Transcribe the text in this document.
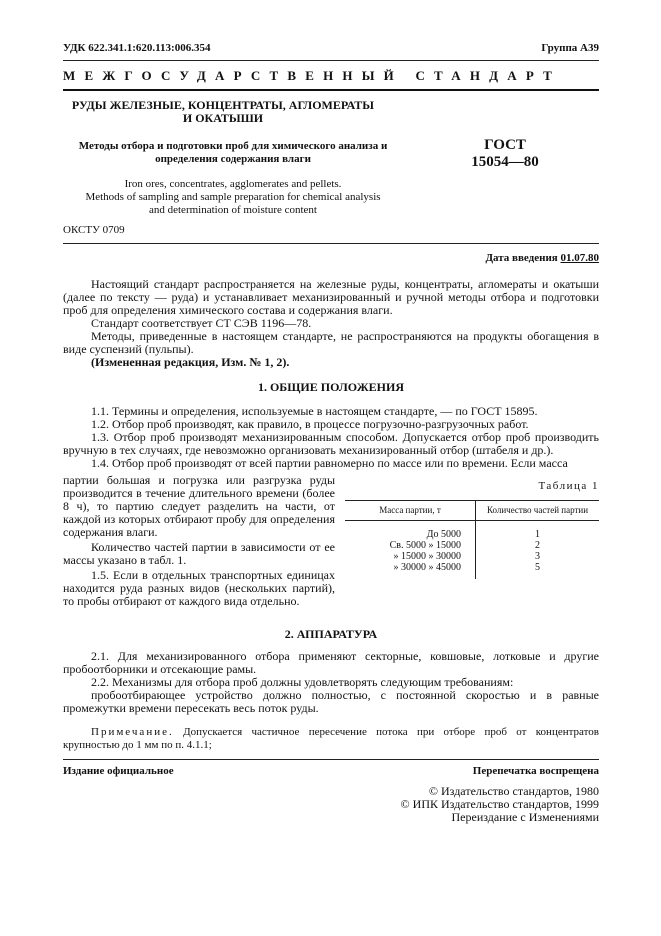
УДК 622.341.1:620.113:006.354	Группа А39
МЕЖГОСУДАРСТВЕННЫЙ СТАНДАРТ
РУДЫ ЖЕЛЕЗНЫЕ, КОНЦЕНТРАТЫ, АГЛОМЕРАТЫ
И ОКАТЫШИ
Методы отбора и подготовки проб для химического анализа и
определения содержания влаги
ГОСТ
15054—80
Iron ores, concentrates, agglomerates and pellets.
Methods of sampling and sample preparation for chemical analysis
and determination of moisture content
ОКСТУ 0709
Дата введения 01.07.80

Настоящий стандарт распространяется на железные руды, концентраты, агломераты и окатыши (далее по тексту — руда) и устанавливает механизированный и ручной методы отбора и подготовки проб для определения химического состава и содержания влаги.

Стандарт соответствует СТ СЭВ 1196—78.

Методы, приведенные в настоящем стандарте, не распространяются на продукты обогащения в виде суспензий (пульпы).

(Измененная редакция, Изм. № 1, 2).

1. ОБЩИЕ ПОЛОЖЕНИЯ

1.1. Термины и определения, используемые в настоящем стандарте, — по ГОСТ 15895.

1.2. Отбор проб производят, как правило, в процессе погрузочно-разгрузочных работ.

1.3. Отбор проб производят механизированным способом. Допускается отбор проб производить вручную в тех случаях, где невозможно организовать механизированный отбор (штабеля и др.).

1.4. Отбор проб производят от всей партии равномерно по массе или по времени. Если масса

партии большая и погрузка или разгрузка руды производится в течение длительного времени (более 8 ч), то партию следует разделить на части, от каждой из которых отбирают пробу для определения содержания влаги.

Количество частей партии в зависимости от ее массы указано в табл. 1.

1.5. Если в отдельных транспортных единицах находится руда разных видов (нескольких партий), то пробы отбирают от каждого вида отдельно.

Таблица 1
Масса партии, т	Количество частей партии
До 5000	1
Св. 5000 » 15000	2
» 15000 » 30000	3
» 30000 » 45000	5
2. АППАРАТУРА

2.1. Для механизированного отбора применяют секторные, ковшовые, лотковые и другие пробоотборники и отсекающие рамы.

2.2. Механизмы для отбора проб должны удовлетворять следующим требованиям:

пробоотбирающее устройство должно полностью, с постоянной скоростью и в равные промежутки времени пересекать весь поток руды.

Примечание. Допускается частичное пересечение потока при отборе проб от концентратов крупностью до 1 мм по п. 4.1.1;

Издание официальное	Перепечатка воспрещена
© Издательство стандартов, 1980
© ИПК Издательство стандартов, 1999
Переиздание с Изменениями
